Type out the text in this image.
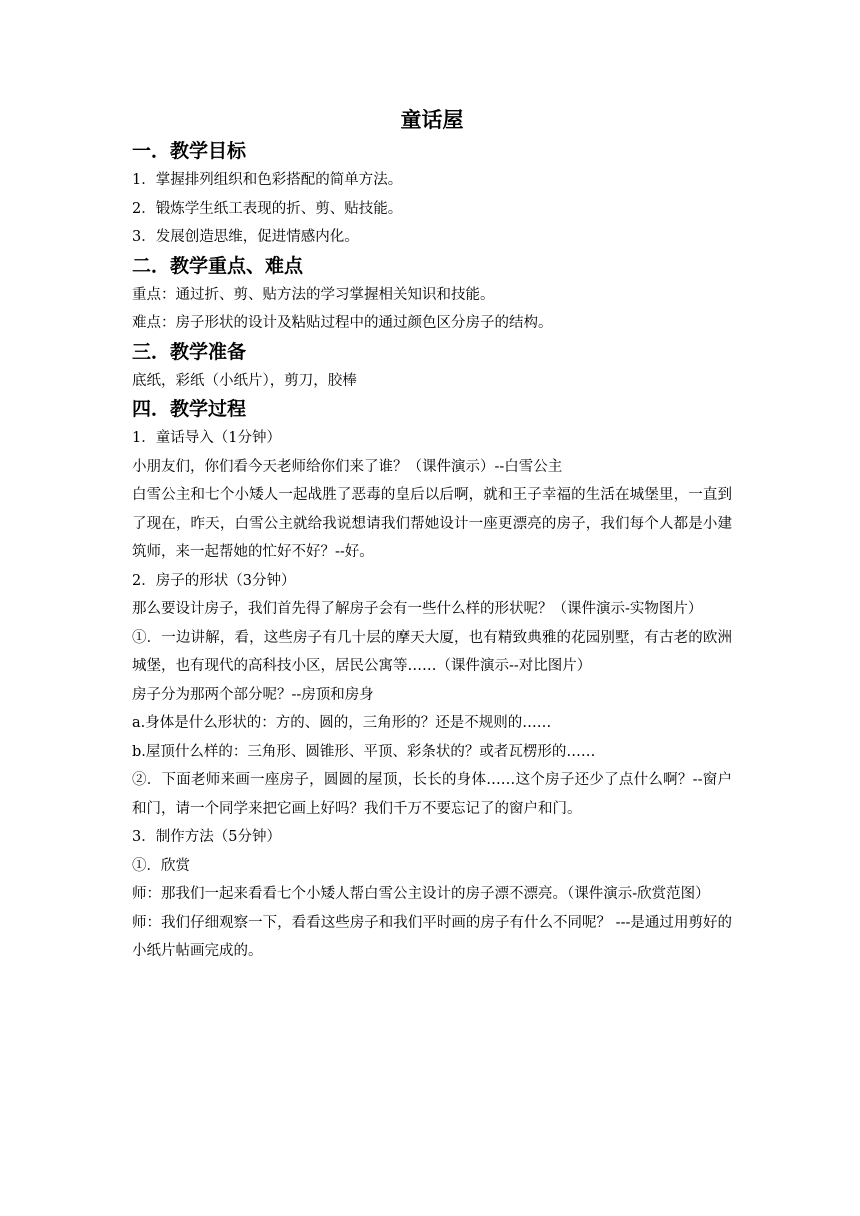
童话屋
一．教学目标

1．掌握排列组织和色彩搭配的简单方法。

2．锻炼学生纸工表现的折、剪、贴技能。

3．发展创造思维，促进情感内化。

二．教学重点、难点

重点：通过折、剪、贴方法的学习掌握相关知识和技能。

难点：房子形状的设计及粘贴过程中的通过颜色区分房子的结构。

三．教学准备

底纸，彩纸（小纸片），剪刀，胶棒

四．教学过程

1．童话导入（1分钟）

小朋友们，你们看今天老师给你们来了谁？（课件演示）--白雪公主

白雪公主和七个小矮人一起战胜了恶毒的皇后以后啊，就和王子幸福的生活在城堡里，一直到了现在，昨天，白雪公主就给我说想请我们帮她设计一座更漂亮的房子，我们每个人都是小建筑师，来一起帮她的忙好不好？--好。

2．房子的形状（3分钟）

那么要设计房子，我们首先得了解房子会有一些什么样的形状呢？（课件演示-实物图片）

①．一边讲解，看，这些房子有几十层的摩天大厦，也有精致典雅的花园别墅，有古老的欧洲城堡，也有现代的高科技小区，居民公寓等……（课件演示--对比图片）

房子分为那两个部分呢？--房顶和房身

a.身体是什么形状的：方的、圆的，三角形的？还是不规则的……

b.屋顶什么样的：三角形、圆锥形、平顶、彩条状的？或者瓦楞形的……

②．下面老师来画一座房子，圆圆的屋顶，长长的身体……这个房子还少了点什么啊？--窗户和门，请一个同学来把它画上好吗？我们千万不要忘记了的窗户和门。

3．制作方法（5分钟）

①．欣赏

师：那我们一起来看看七个小矮人帮白雪公主设计的房子漂不漂亮。（课件演示-欣赏范图）

师：我们仔细观察一下，看看这些房子和我们平时画的房子有什么不同呢？ ---是通过用剪好的小纸片帖画完成的。
